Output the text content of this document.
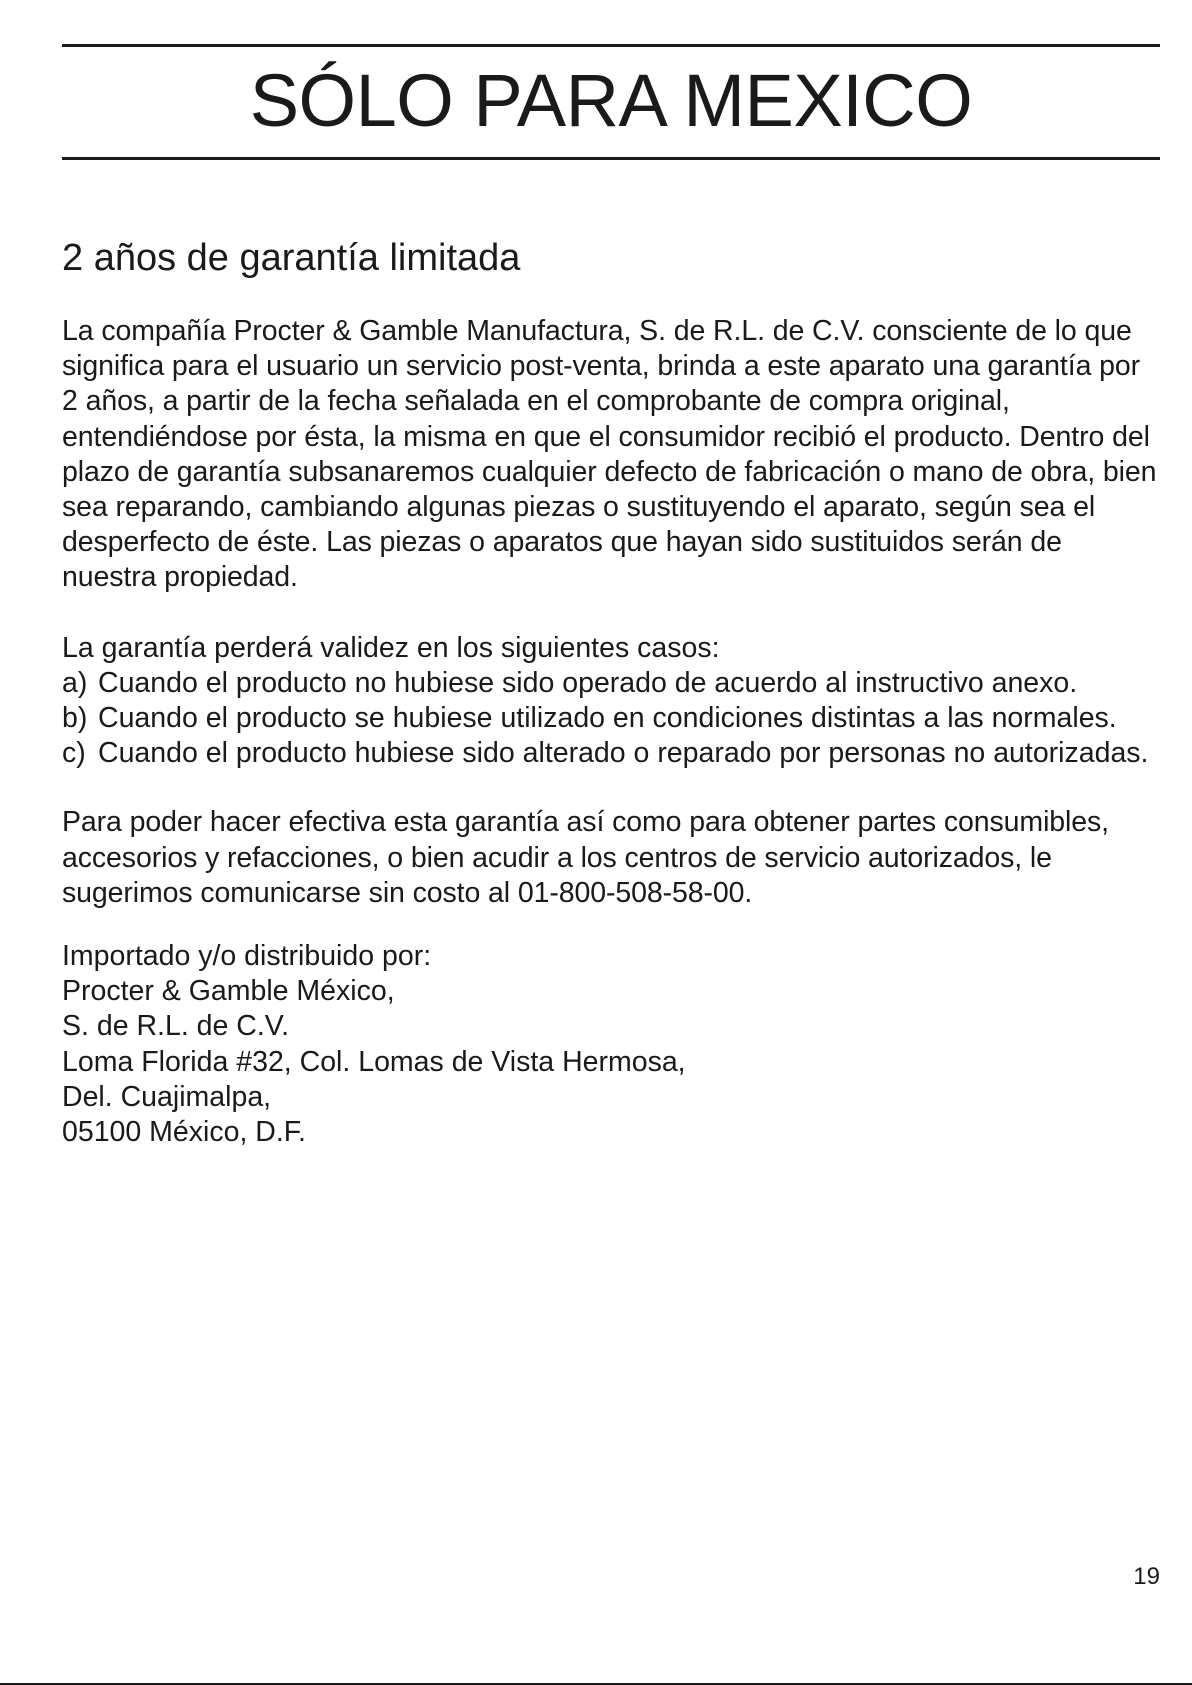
SÓLO PARA MEXICO
2 años de garantía limitada

La compañía Procter & Gamble Manufactura, S. de R.L. de C.V. consciente de lo que significa para el usuario un servicio post-venta, brinda a este aparato una garantía por 2 años, a partir de la fecha señalada en el comprobante de compra original, entendiéndose por ésta, la misma en que el consumidor recibió el producto. Dentro del plazo de garantía subsanaremos cualquier defecto de fabricación o mano de obra, bien sea reparando, cambiando algunas piezas o sustituyendo el aparato, según sea el desperfecto de éste. Las piezas o aparatos que hayan sido sustituidos serán de nuestra propiedad.

La garantía perderá validez en los siguientes casos:

a) Cuando el producto no hubiese sido operado de acuerdo al instructivo anexo.
b) Cuando el producto se hubiese utilizado en condiciones distintas a las normales.
c) Cuando el producto hubiese sido alterado o reparado por personas no autorizadas.

Para poder hacer efectiva esta garantía así como para obtener partes consumibles, accesorios y refacciones, o bien acudir a los centros de servicio autorizados, le sugerimos comunicarse sin costo al 01-800-508-58-00.

Importado y/o distribuido por:
Procter & Gamble México,
S. de R.L. de C.V.
Loma Florida #32, Col. Lomas de Vista Hermosa,
Del. Cuajimalpa,
05100 México, D.F.
19
